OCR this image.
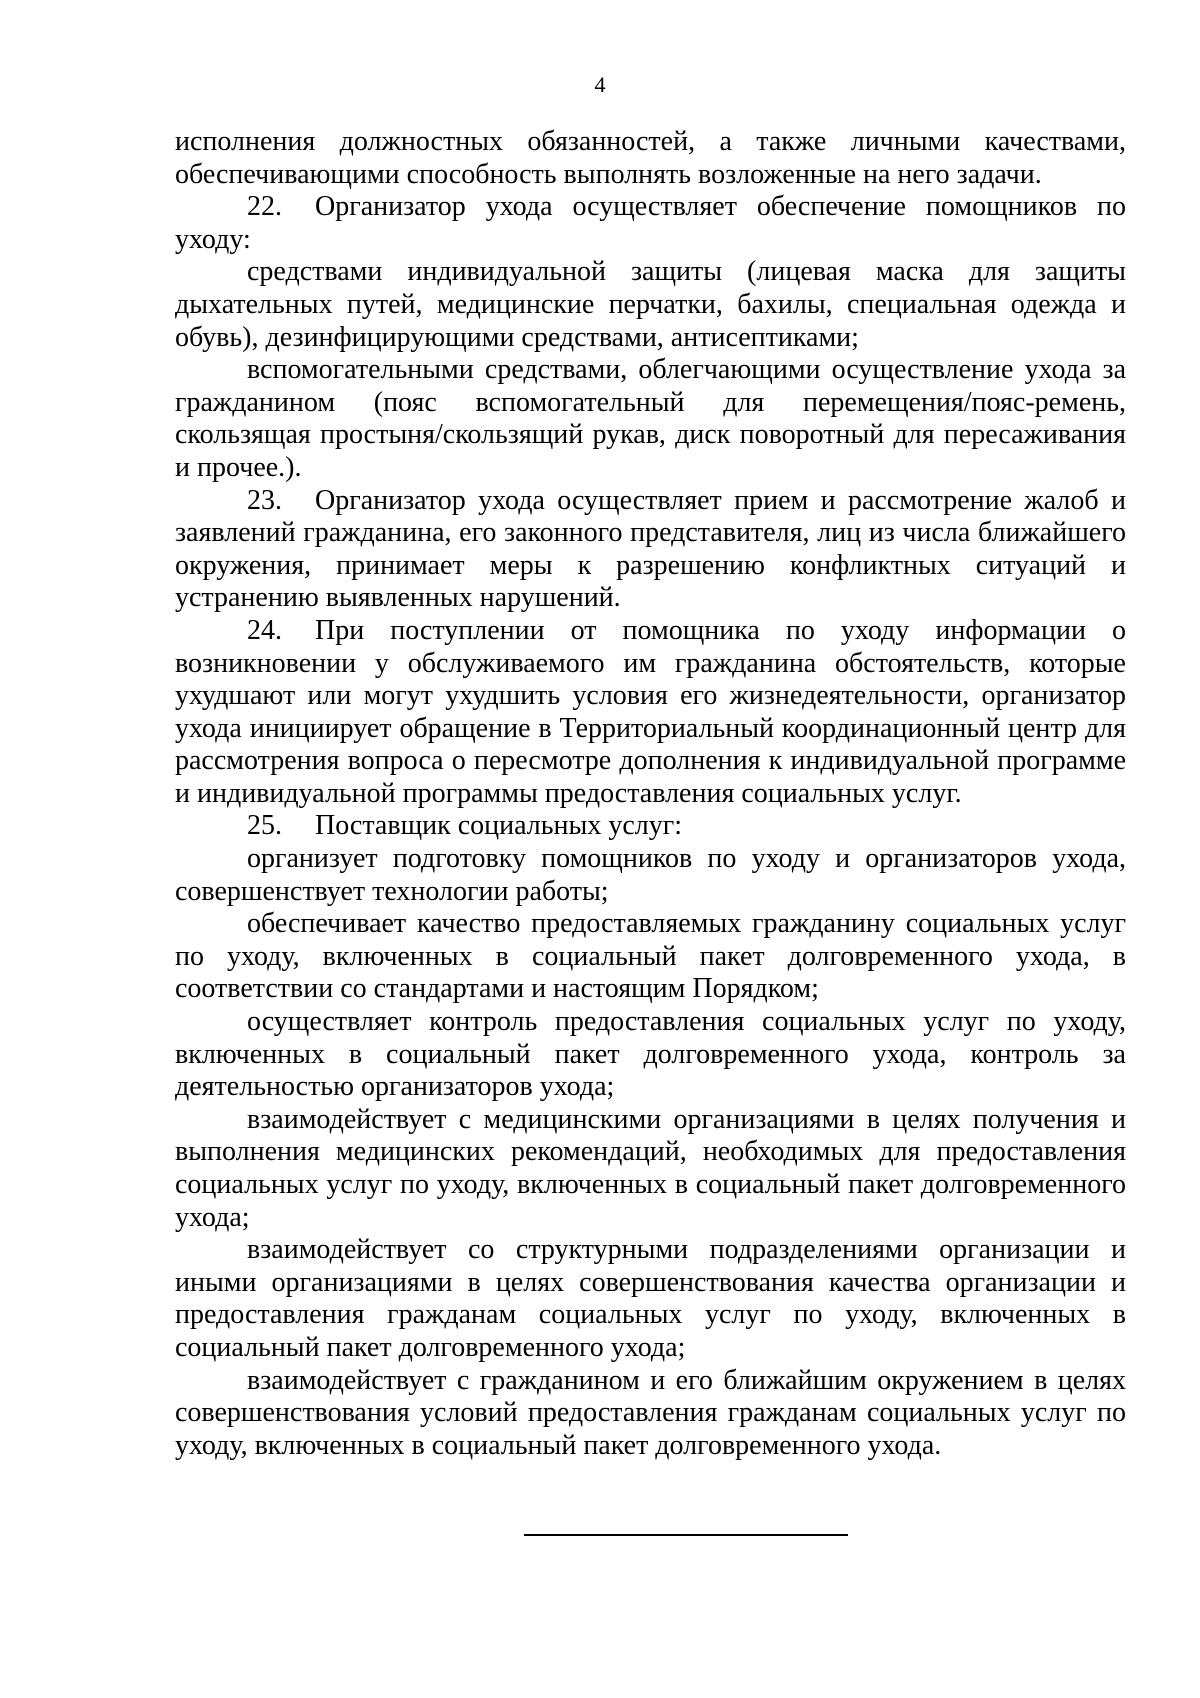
4

исполнения должностных обязанностей, а также личными качествами, обеспечивающими способность выполнять возложенные на него задачи.

22. Организатор ухода осуществляет обеспечение помощников по уходу:

средствами индивидуальной защиты (лицевая маска для защиты дыхательных путей, медицинские перчатки, бахилы, специальная одежда и обувь), дезинфицирующими средствами, антисептиками;

вспомогательными средствами, облегчающими осуществление ухода за гражданином (пояс вспомогательный для перемещения/пояс-ремень, скользящая простыня/скользящий рукав, диск поворотный для пересаживания и прочее.).

23. Организатор ухода осуществляет прием и рассмотрение жалоб и заявлений гражданина, его законного представителя, лиц из числа ближайшего окружения, принимает меры к разрешению конфликтных ситуаций и устранению выявленных нарушений.

24. При поступлении от помощника по уходу информации о возникновении у обслуживаемого им гражданина обстоятельств, которые ухудшают или могут ухудшить условия его жизнедеятельности, организатор ухода инициирует обращение в Территориальный координационный центр для рассмотрения вопроса о пересмотре дополнения к индивидуальной программе и индивидуальной программы предоставления социальных услуг.

25. Поставщик социальных услуг:

организует подготовку помощников по уходу и организаторов ухода, совершенствует технологии работы;

обеспечивает качество предоставляемых гражданину социальных услуг по уходу, включенных в социальный пакет долговременного ухода, в соответствии со стандартами и настоящим Порядком;

осуществляет контроль предоставления социальных услуг по уходу, включенных в социальный пакет долговременного ухода, контроль за деятельностью организаторов ухода;

взаимодействует с медицинскими организациями в целях получения и выполнения медицинских рекомендаций, необходимых для предоставления социальных услуг по уходу, включенных в социальный пакет долговременного ухода;

взаимодействует со структурными подразделениями организации и иными организациями в целях совершенствования качества организации и предоставления гражданам социальных услуг по уходу, включенных в социальный пакет долговременного ухода;

взаимодействует с гражданином и его ближайшим окружением в целях совершенствования условий предоставления гражданам социальных услуг по уходу, включенных в социальный пакет долговременного ухода.
